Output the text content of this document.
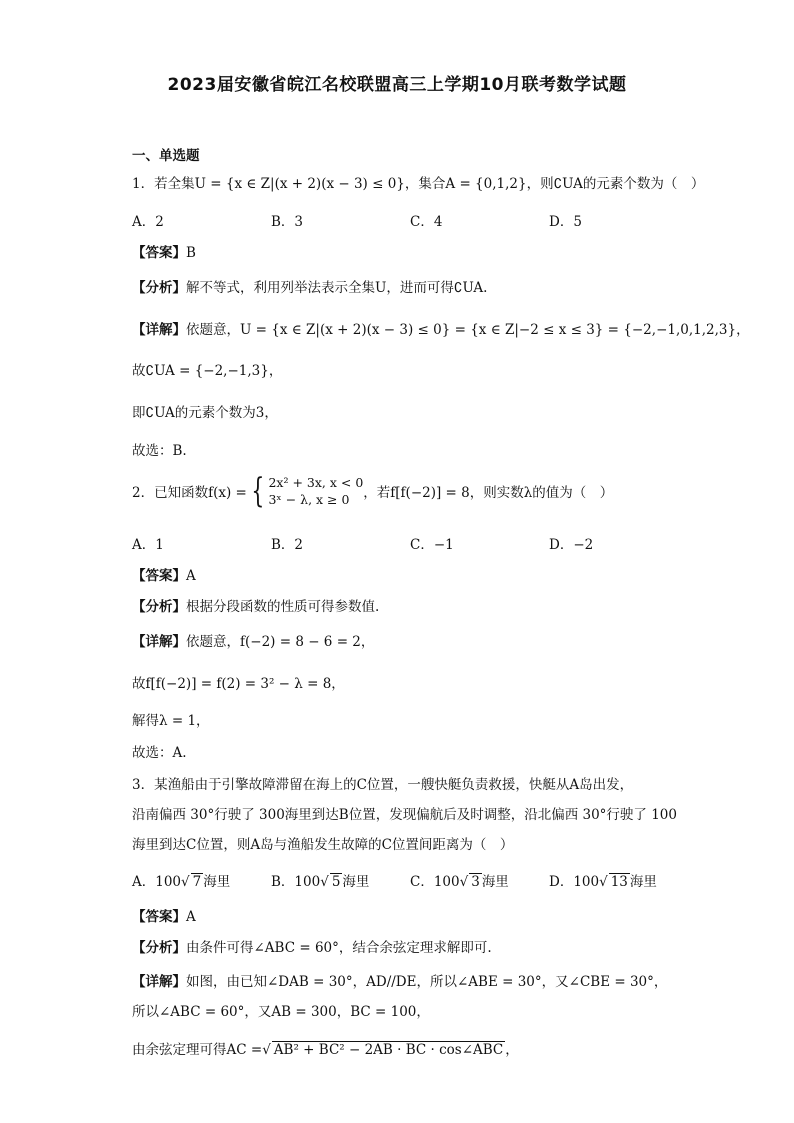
2023届安徽省皖江名校联盟高三上学期10月联考数学试题
一、单选题
1．若全集U = {x ∈ Z|(x + 2)(x − 3) ≤ 0}，集合A = {0,1,2}，则∁UA的元素个数为（　）
A．2	B．3	C．4	D．5
【答案】B
【分析】解不等式，利用列举法表示全集U，进而可得∁UA.
【详解】依题意，U = {x ∈ Z|(x + 2)(x − 3) ≤ 0} = {x ∈ Z|−2 ≤ x ≤ 3} = {−2,−1,0,1,2,3}，
故∁UA = {−2,−1,3}，
即∁UA的元素个数为3，
故选：B.
2．已知函数f(x) = { 2x² + 3x, x < 0
3ˣ − λ, x ≥ 0	，若f[f(−2)] = 8，则实数λ的值为（　）
A．1	B．2	C．−1	D．−2
【答案】A
【分析】根据分段函数的性质可得参数值.
【详解】依题意，f(−2) = 8 − 6 = 2，
故f[f(−2)] = f(2) = 3² − λ = 8，
解得λ = 1，
故选：A.
3．某渔船由于引擎故障滞留在海上的C位置，一艘快艇负责救援，快艇从A岛出发，
沿南偏西 30°行驶了 300海里到达B位置，发现偏航后及时调整，沿北偏西 30°行驶了 100
海里到达C位置，则A岛与渔船发生故障的C位置间距离为（　）
A．100√ 7 海里	B．100√ 5 海里	C．100√ 3 海里	D．100√ 13 海里
【答案】A
【分析】由条件可得∠ABC = 60°，结合余弦定理求解即可.
【详解】如图，由已知∠DAB = 30°，AD//DE，所以∠ABE = 30°，又∠CBE = 30°，
所以∠ABC = 60°，又AB = 300，BC = 100，
由余弦定理可得AC =√ AB² + BC² − 2AB · BC · cos∠ABC ，
